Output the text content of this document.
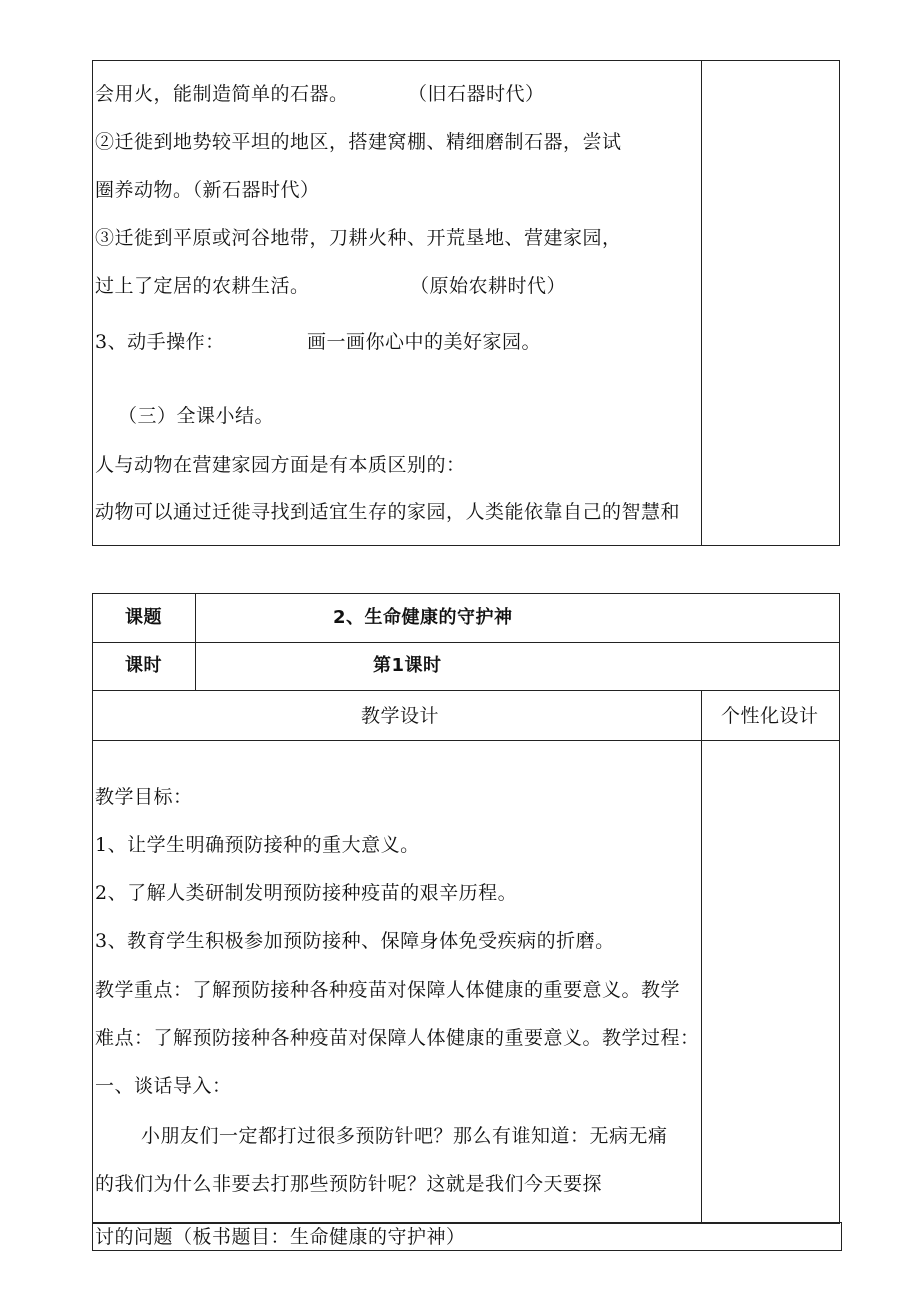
会用火，能制造简单的石器。	（旧石器时代）
②迁徙到地势较平坦的地区，搭建窝棚、精细磨制石器，尝试
圈养动物。（新石器时代）
③迁徙到平原或河谷地带，刀耕火种、开荒垦地、营建家园，
过上了定居的农耕生活。	（原始农耕时代）
3、动手操作：	画一画你心中的美好家园。
（三）全课小结。
人与动物在营建家园方面是有本质区别的：
动物可以通过迁徙寻找到适宜生存的家园，人类能依靠自己的智慧和
课题	2、生命健康的守护神
课时	第1课时
教学设计	个性化设计
教学目标：
1、让学生明确预防接种的重大意义。
2、了解人类研制发明预防接种疫苗的艰辛历程。
3、教育学生积极参加预防接种、保障身体免受疾病的折磨。
教学重点：了解预防接种各种疫苗对保障人体健康的重要意义。教学
难点：了解预防接种各种疫苗对保障人体健康的重要意义。教学过程：
一、谈话导入：
小朋友们一定都打过很多预防针吧？那么有谁知道：无病无痛
的我们为什么非要去打那些预防针呢？这就是我们今天要探
讨的问题（板书题目：生命健康的守护神）
